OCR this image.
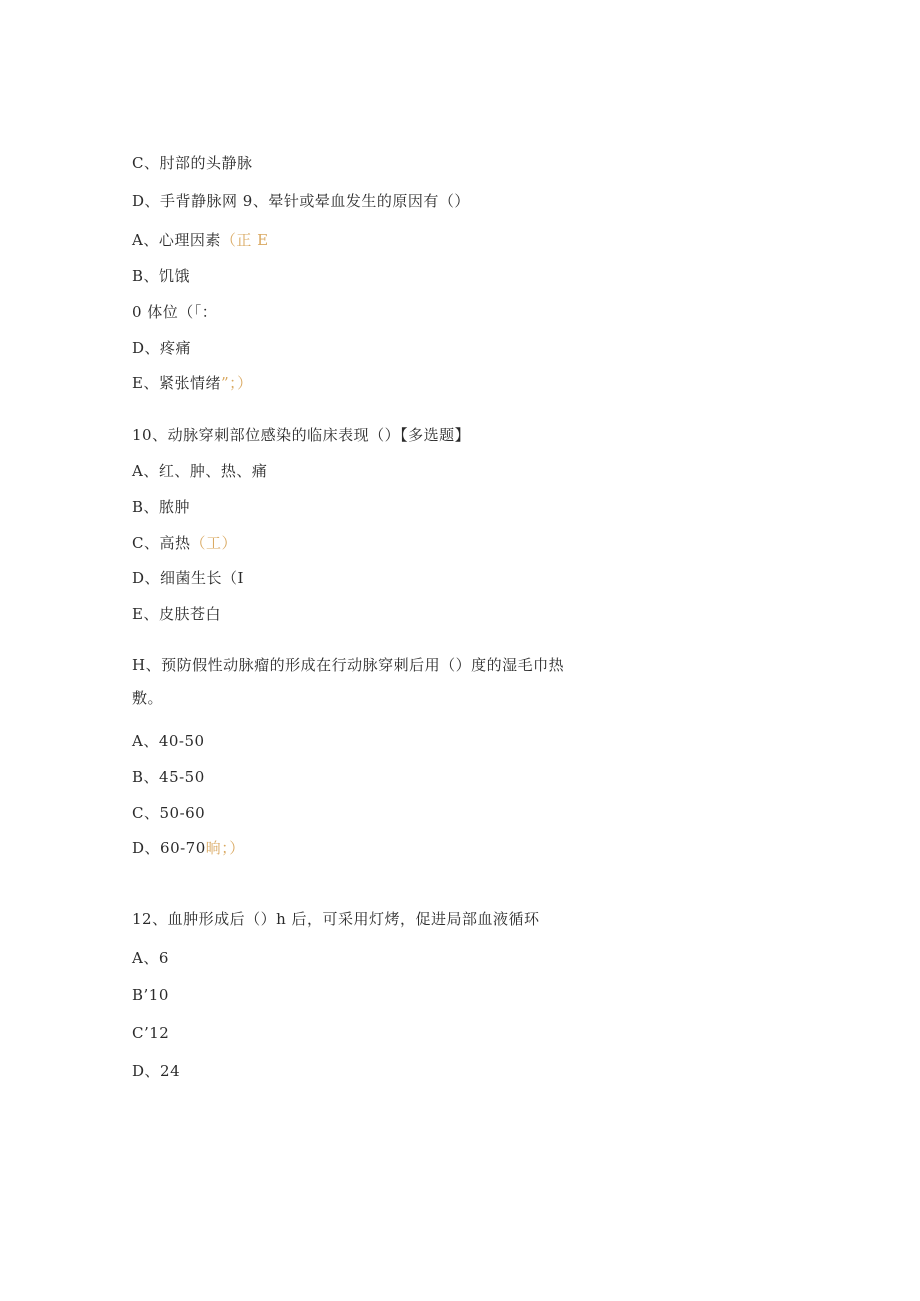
C、肘部的头静脉
D、手背静脉网 9、晕针或晕血发生的原因有（）
A、心理因素（正 E
B、饥饿
0 体位（「：
D、疼痛
E、紧张情绪”；）
10、动脉穿刺部位感染的临床表现（）【多选题】
A、红、肿、热、痛
B、脓肿
C、高热（工）
D、细菌生长（I
E、皮肤苍白
H、预防假性动脉瘤的形成在行动脉穿刺后用（）度的湿毛巾热
敷。
A、40-50
B、45-50
C、50-60
D、60-70晌；）
12、血肿形成后（）h 后，可采用灯烤，促进局部血液循环
A、6
B’10
C’12
D、24
